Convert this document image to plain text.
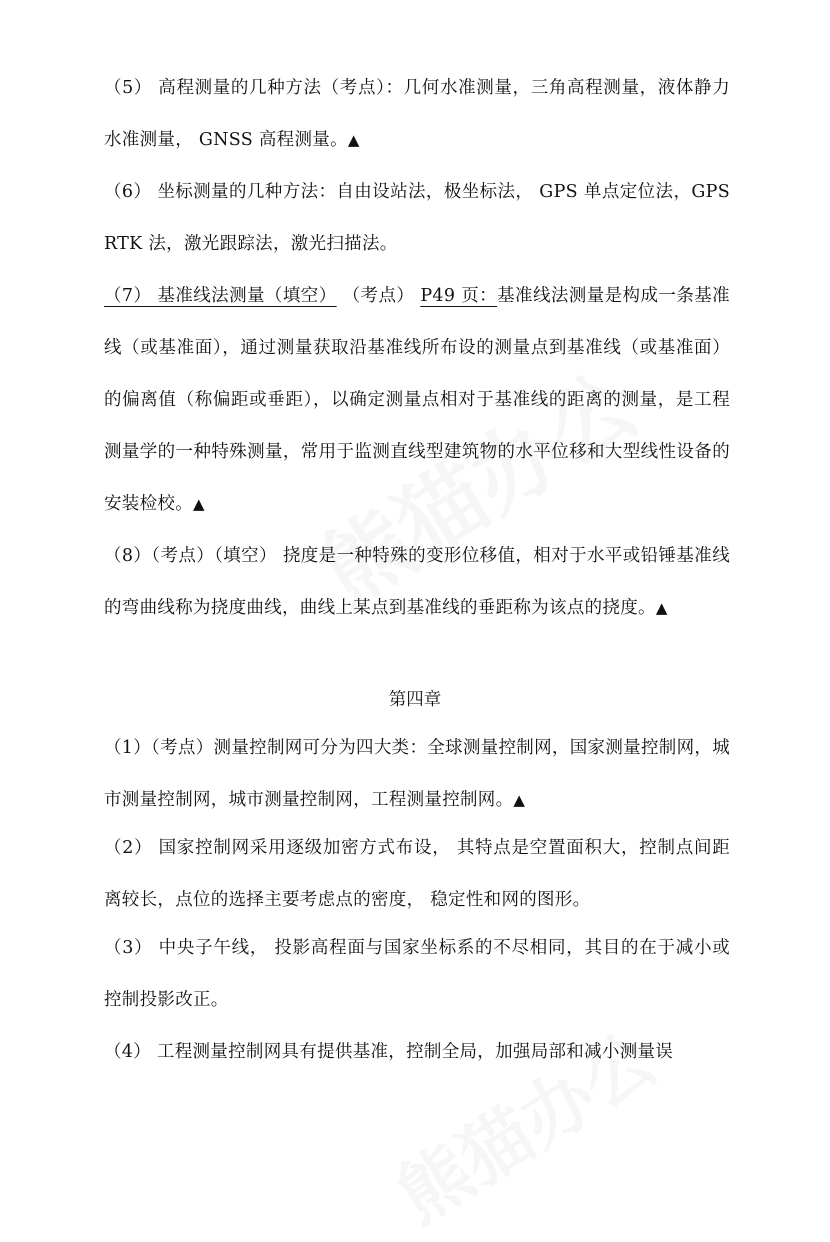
（5） 高程测量的几种方法（考点）：几何水准测量，三角高程测量，液体静力水准测量， GNSS 高程测量。▲

（6） 坐标测量的几种方法：自由设站法，极坐标法， GPS 单点定位法，GPS RTK 法，激光跟踪法，激光扫描法。

（7） 基准线法测量（填空） （考点） P49 页：基准线法测量是构成一条基准线（或基准面），通过测量获取沿基准线所布设的测量点到基准线（或基准面） 的偏离值（称偏距或垂距），以确定测量点相对于基准线的距离的测量，是工程测量学的一种特殊测量，常用于监测直线型建筑物的水平位移和大型线性设备的安装检校。▲

（8）（考点）（填空） 挠度是一种特殊的变形位移值，相对于水平或铅锤基准线的弯曲线称为挠度曲线，曲线上某点到基准线的垂距称为该点的挠度。▲

第四章

（1）（考点）测量控制网可分为四大类：全球测量控制网，国家测量控制网，城市测量控制网，城市测量控制网，工程测量控制网。▲

（2） 国家控制网采用逐级加密方式布设， 其特点是空置面积大，控制点间距离较长，点位的选择主要考虑点的密度， 稳定性和网的图形。

（3） 中央子午线， 投影高程面与国家坐标系的不尽相同，其目的在于减小或控制投影改正。

（4） 工程测量控制网具有提供基准，控制全局，加强局部和减小测量误
